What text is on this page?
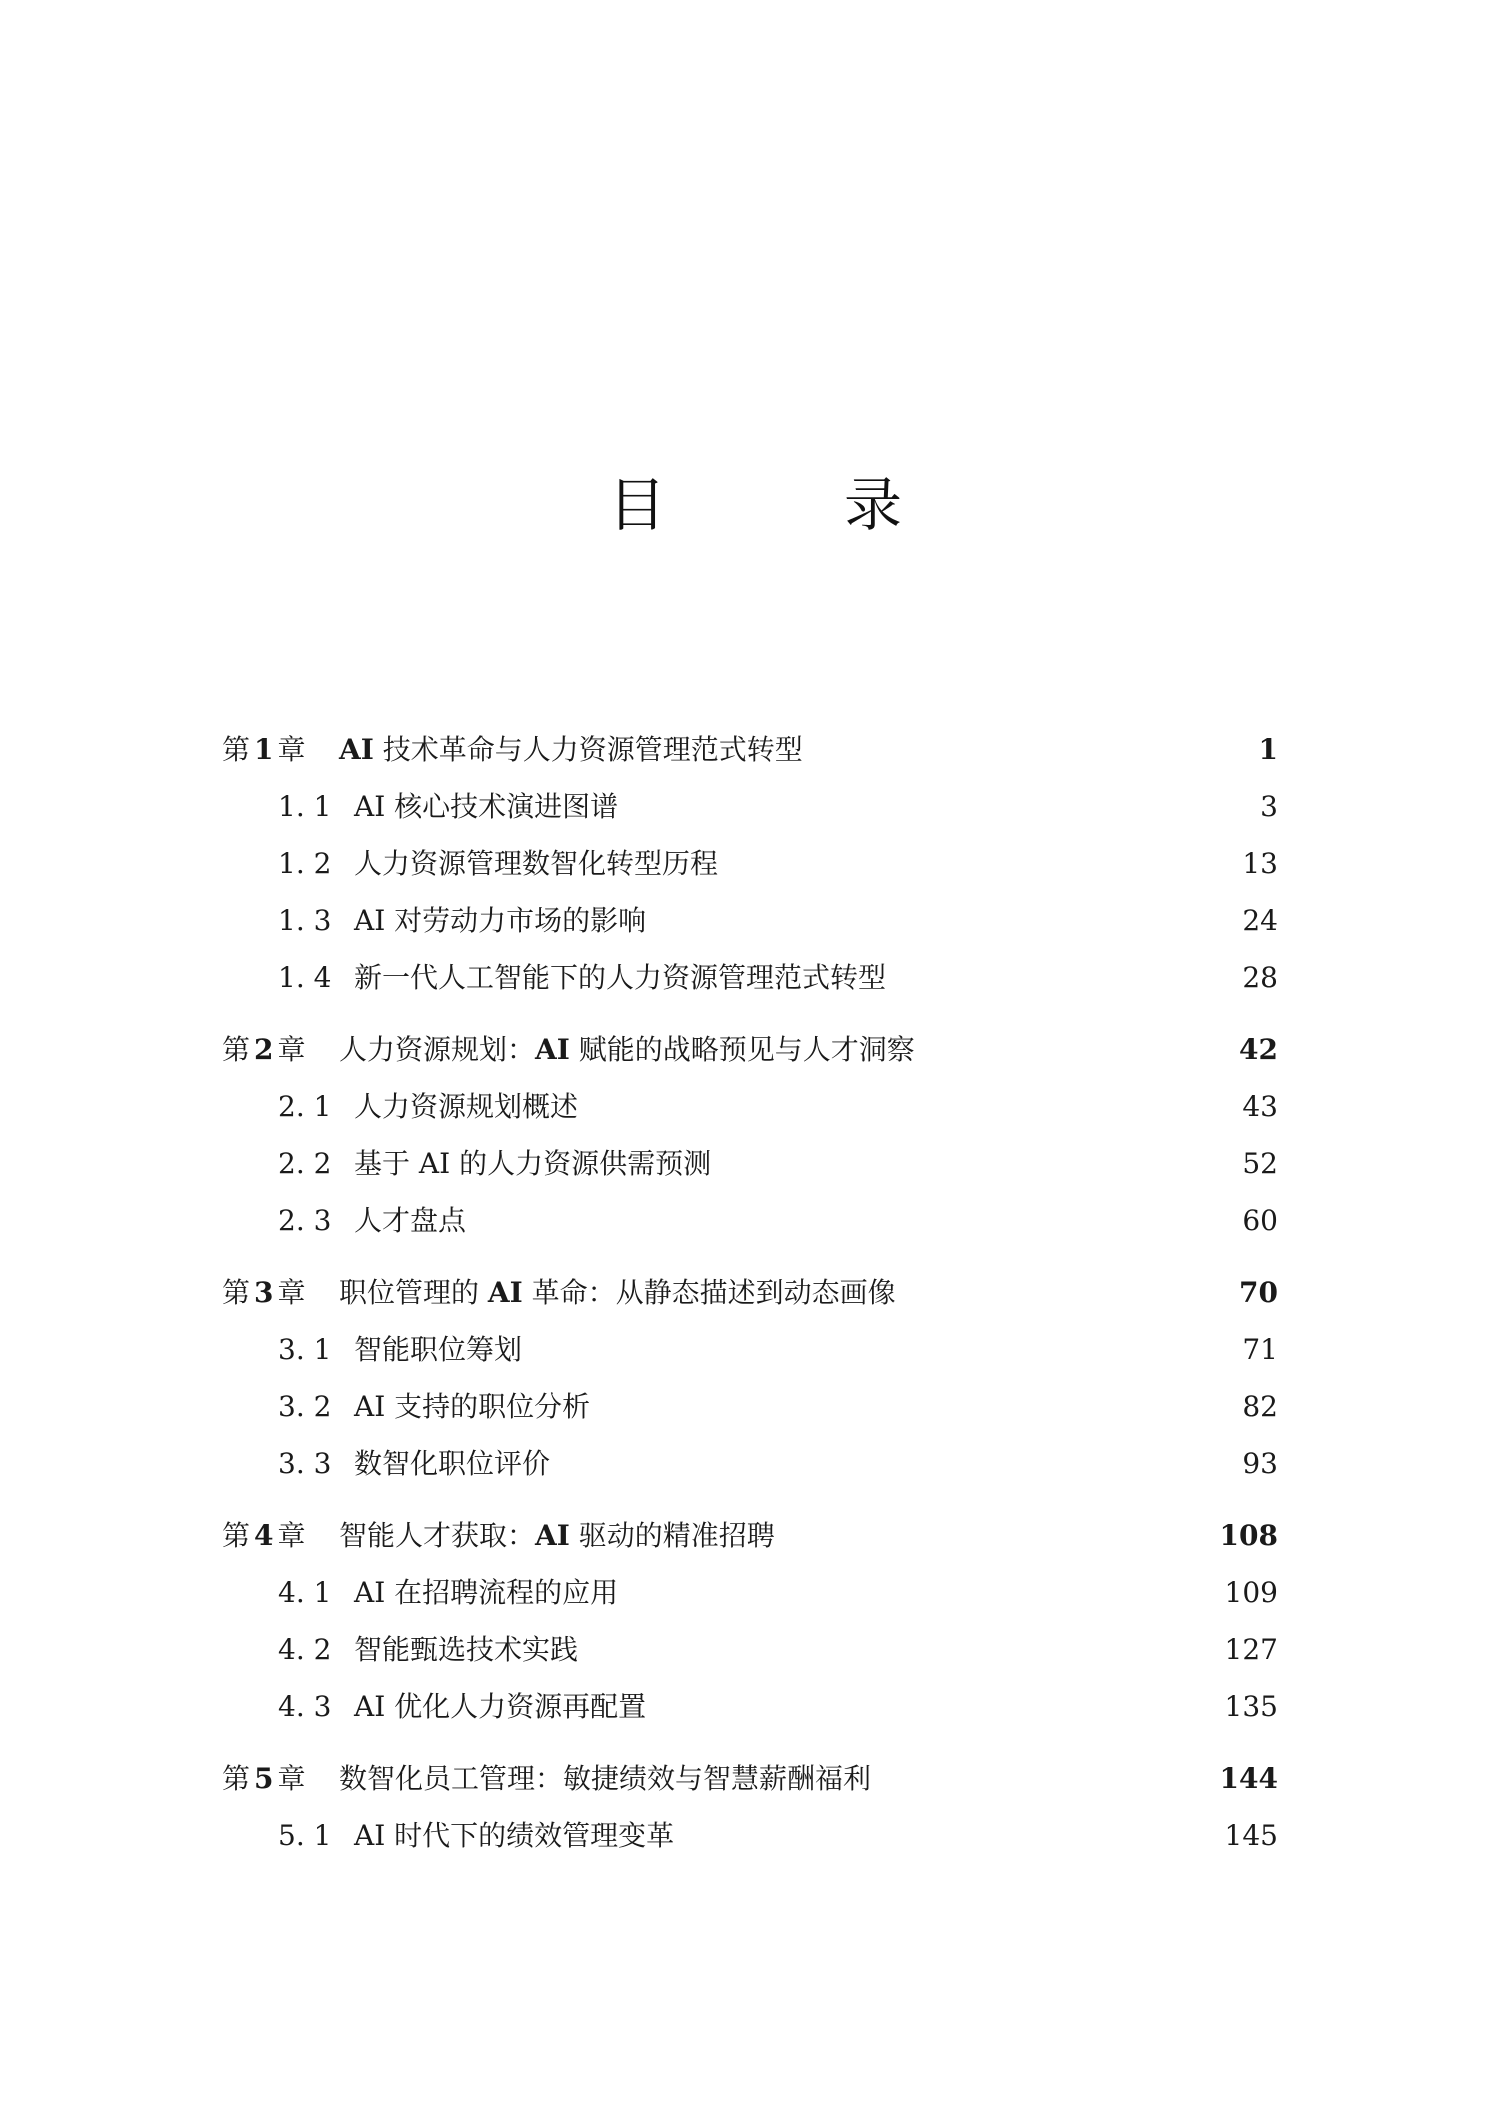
目　录
第 1 章	AI 技术革命与人力资源管理范式转型	1
1. 1 AI 核心技术演进图谱	3
1. 2 人力资源管理数智化转型历程	13
1. 3 AI 对劳动力市场的影响	24
1. 4 新一代人工智能下的人力资源管理范式转型	28
第 2 章	人力资源规划：AI 赋能的战略预见与人才洞察	42
2. 1 人力资源规划概述	43
2. 2 基于 AI 的人力资源供需预测	52
2. 3 人才盘点	60
第 3 章	职位管理的 AI 革命：从静态描述到动态画像	70
3. 1 智能职位筹划	71
3. 2 AI 支持的职位分析	82
3. 3 数智化职位评价	93
第 4 章	智能人才获取：AI 驱动的精准招聘	108
4. 1 AI 在招聘流程的应用	109
4. 2 智能甄选技术实践	127
4. 3 AI 优化人力资源再配置	135
第 5 章	数智化员工管理：敏捷绩效与智慧薪酬福利	144
5. 1 AI 时代下的绩效管理变革	145
